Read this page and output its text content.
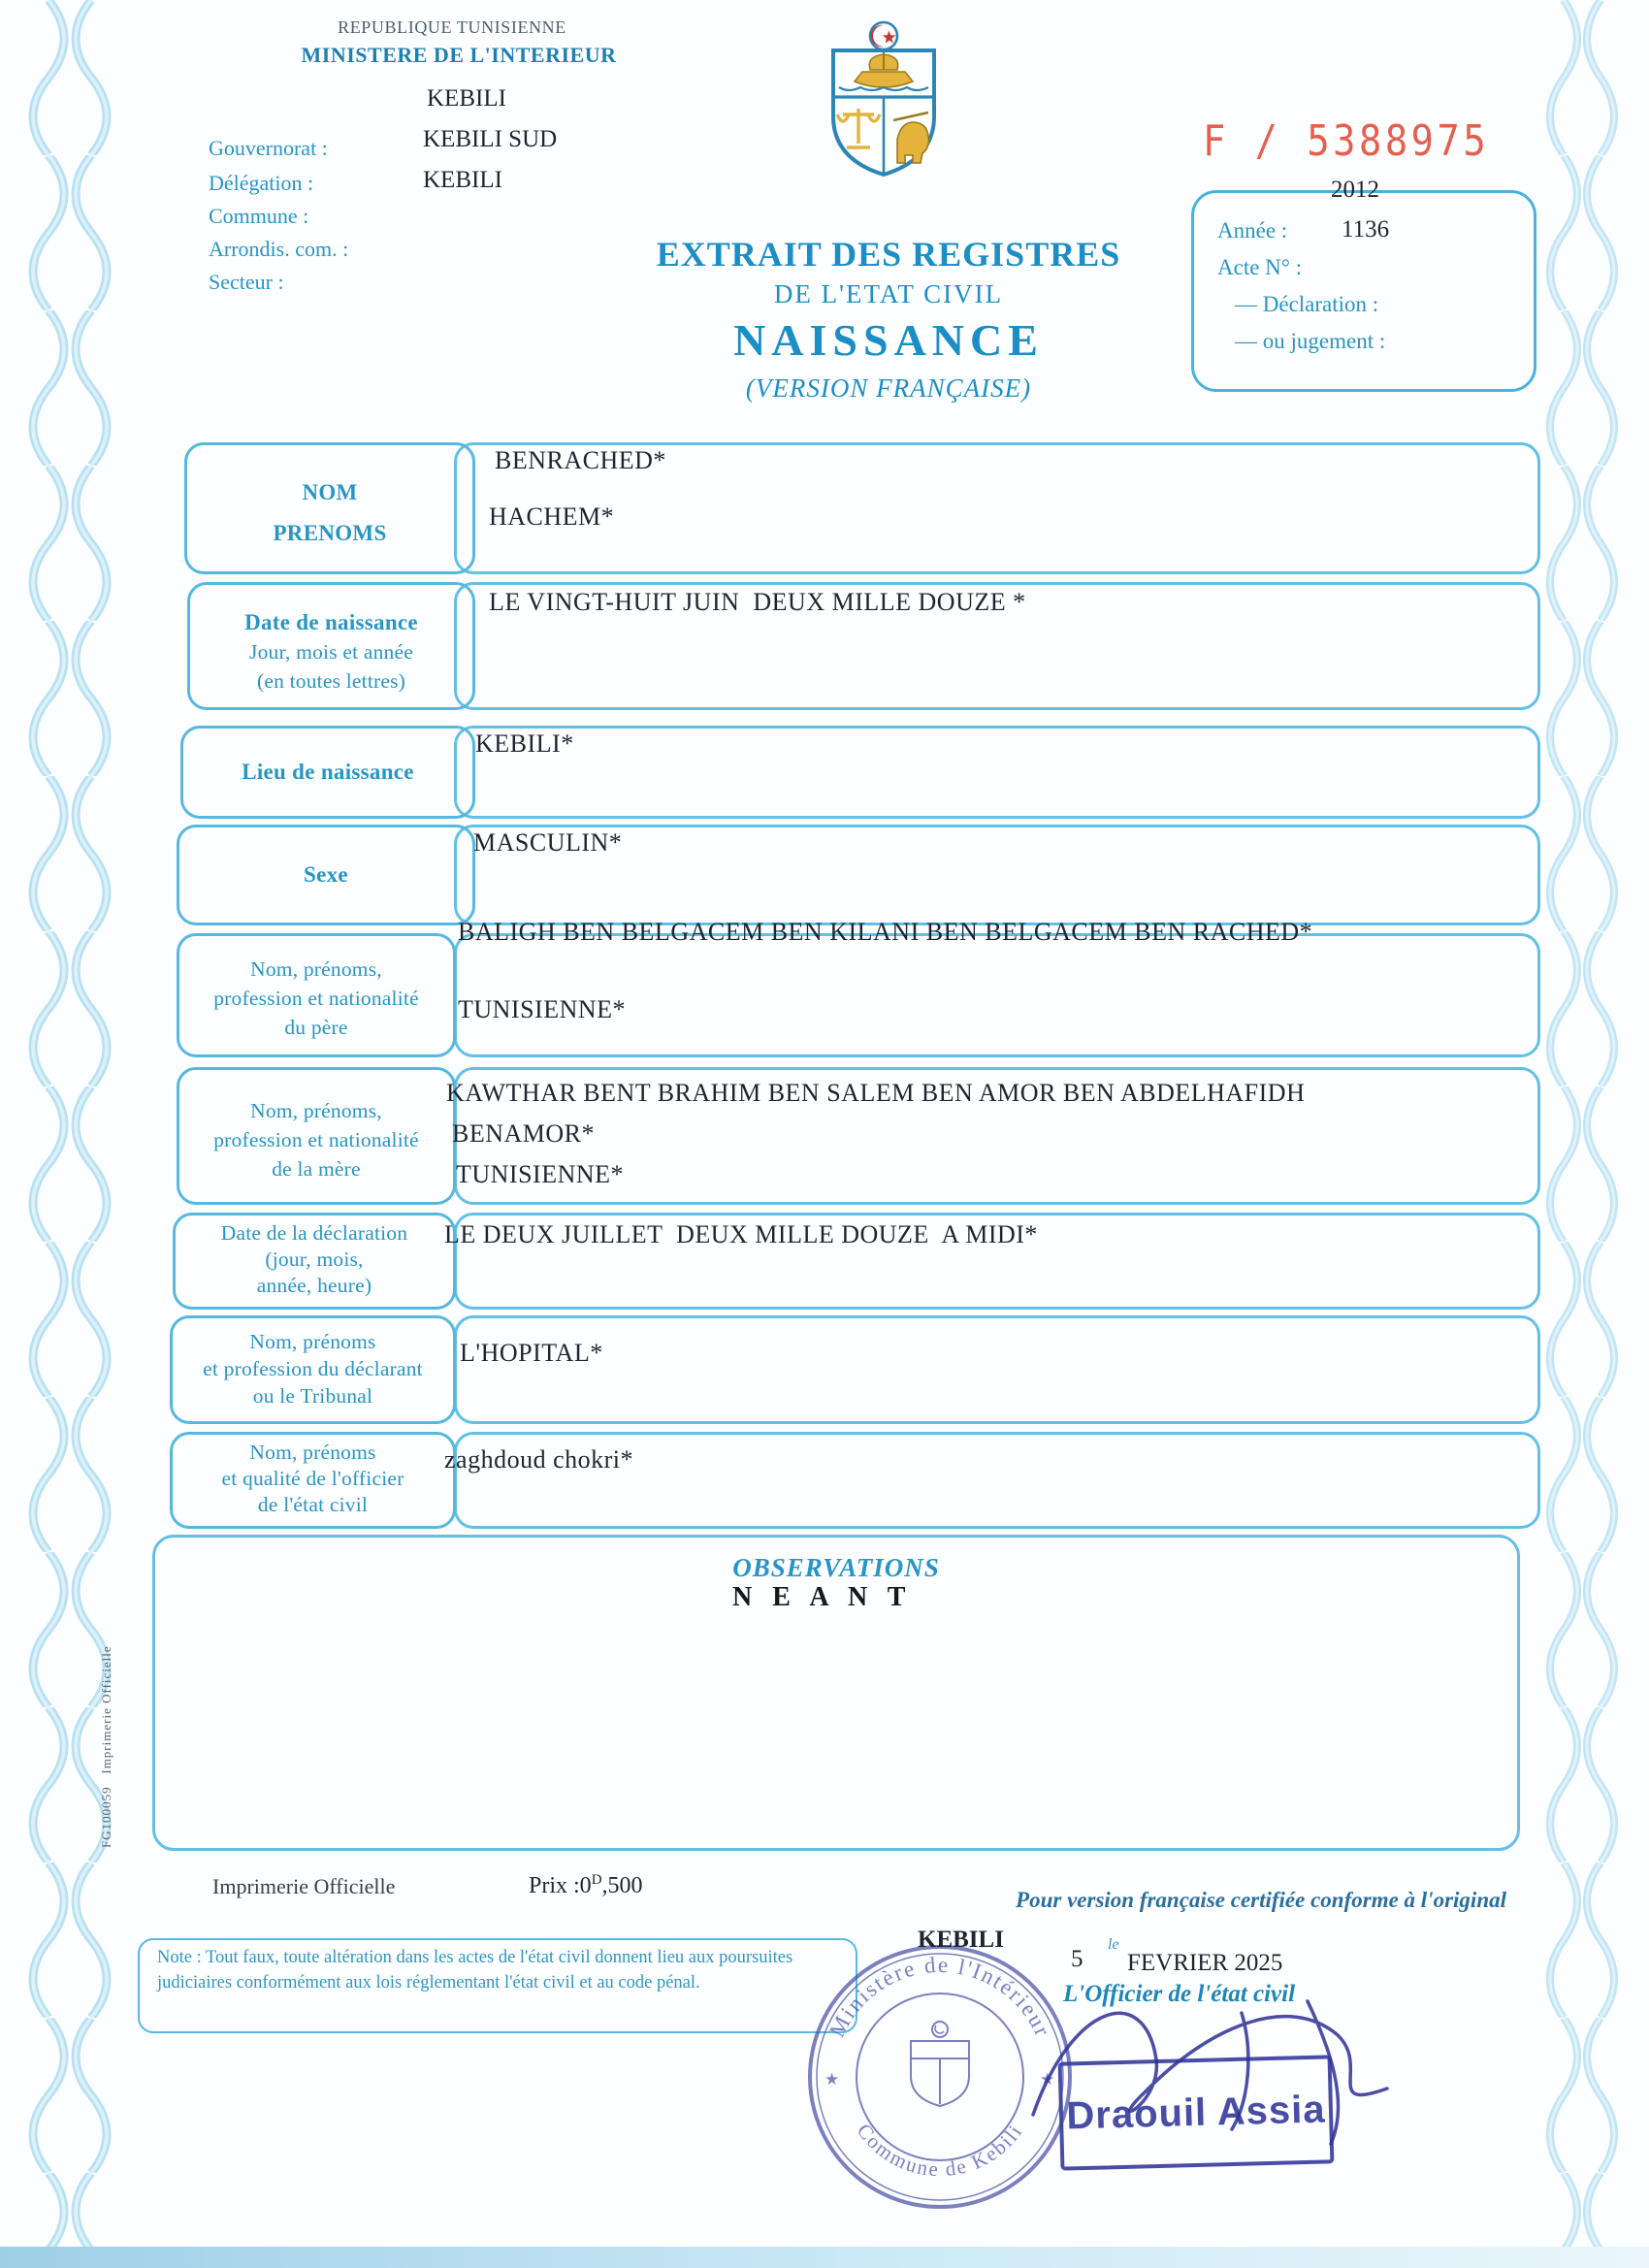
REPUBLIQUE TUNISIENNE
MINISTERE DE L'INTERIEUR
Gouvernorat :
Délégation :
Commune :
Arrondis. com. :
Secteur :
KEBILI
KEBILI SUD
KEBILI
EXTRAIT DES REGISTRES
DE L'ETAT CIVIL
NAISSANCE
(VERSION FRANÇAISE)
F / 5388975
2012
Année : 1136
Acte N° :
— Déclaration :
— ou jugement :
NOM
PRENOMS
BENRACHED*
HACHEM*
Date de naissance
Jour, mois et année
(en toutes lettres)
LE VINGT-HUIT JUIN  DEUX MILLE DOUZE *
Lieu de naissance
KEBILI*
Sexe
MASCULIN*
Nom, prénoms,
profession et nationalité
du père
BALIGH BEN BELGACEM BEN KILANI BEN BELGACEM BEN RACHED*
TUNISIENNE*
Nom, prénoms,
profession et nationalité
de la mère
KAWTHAR BENT BRAHIM BEN SALEM BEN AMOR BEN ABDELHAFIDH
BENAMOR*
TUNISIENNE*
Date de la déclaration
(jour, mois,
année, heure)
LE DEUX JUILLET  DEUX MILLE DOUZE  A MIDI*
Nom, prénoms
et profession du déclarant
ou le Tribunal
L'HOPITAL*
Nom, prénoms
et qualité de l'officier
de l'état civil
zaghdoud chokri*
OBSERVATIONS
N E A N T
FG100059   Imprimerie Officielle
Imprimerie Officielle	Prix $:0^D,500$
Pour version française certifiée conforme à l'original
Note : Tout faux, toute altération dans les actes de l'état civil donnent lieu aux poursuites judiciaires conformément aux lois réglementant l'état civil et au code pénal.
KEBILI
5
le
FEVRIER 2025
L'Officier de l'état civil
Ministère de l'Intérieur
Commune de Kebili
★	★
Draouil Assia
